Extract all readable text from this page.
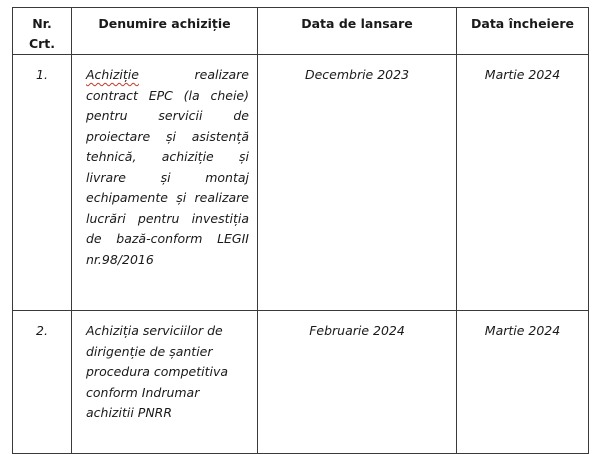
Nr.
Crt.	Denumire achiziție	Data de lansare	Data încheiere
1.	Achiziție realizare contract EPC (la cheie) pentru servicii de proiectare și asistență tehnică, achiziție și livrare și montaj echipamente și realizare lucrări pentru investiția de bază-conform LEGII nr.98/2016	Decembrie 2023	Martie 2024
2.	Achiziția serviciilor de dirigenție de șantier procedura competitiva conform Indrumar achizitii PNRR	Februarie 2024	Martie 2024
